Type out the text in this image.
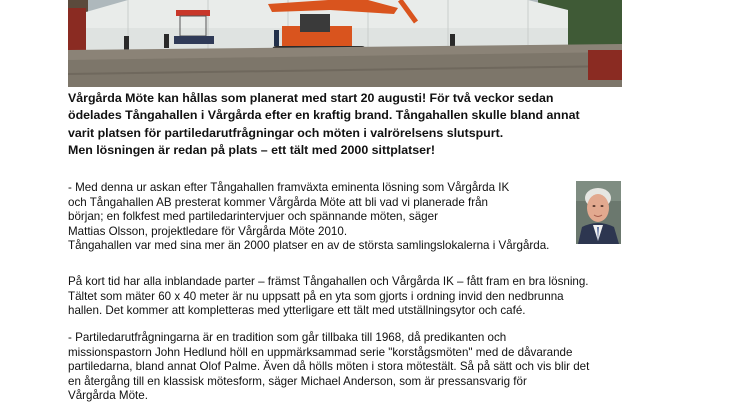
Vårgårda Möte kan hållas som planerat med start 20 augusti! För två veckor sedan
ödelades Tångahallen i Vårgårda efter en kraftig brand. Tångahallen skulle bland annat
varit platsen för partiledarutfrågningar och möten i valrörelsens slutspurt.
Men lösningen är redan på plats – ett tält med 2000 sittplatser!

- Med denna ur askan efter Tångahallen framväxta eminenta lösning som Vårgårda IK
och Tångahallen AB presterat kommer Vårgårda Möte att bli vad vi planerade från
början; en folkfest med partiledarintervjuer och spännande möten, säger
Mattias Olsson, projektledare för Vårgårda Möte 2010.
Tångahallen var med sina mer än 2000 platser en av de största samlingslokalerna i Vårgårda.

På kort tid har alla inblandade parter – främst Tångahallen och Vårgårda IK – fått fram en bra lösning.
Tältet som mäter 60 x 40 meter är nu uppsatt på en yta som gjorts i ordning invid den nedbrunna
hallen. Det kommer att kompletteras med ytterligare ett tält med utställningsytor och café.

- Partiledarutfrågningarna är en tradition som går tillbaka till 1968, då predikanten och
missionspastorn John Hedlund höll en uppmärksammad serie "korstågsmöten" med de dåvarande
partiledarna, bland annat Olof Palme. Även då hölls möten i stora mötestält. Så på sätt och vis blir det
en återgång till en klassisk mötesform, säger Michael Anderson, som är pressansvarig för
Vårgårda Möte.
